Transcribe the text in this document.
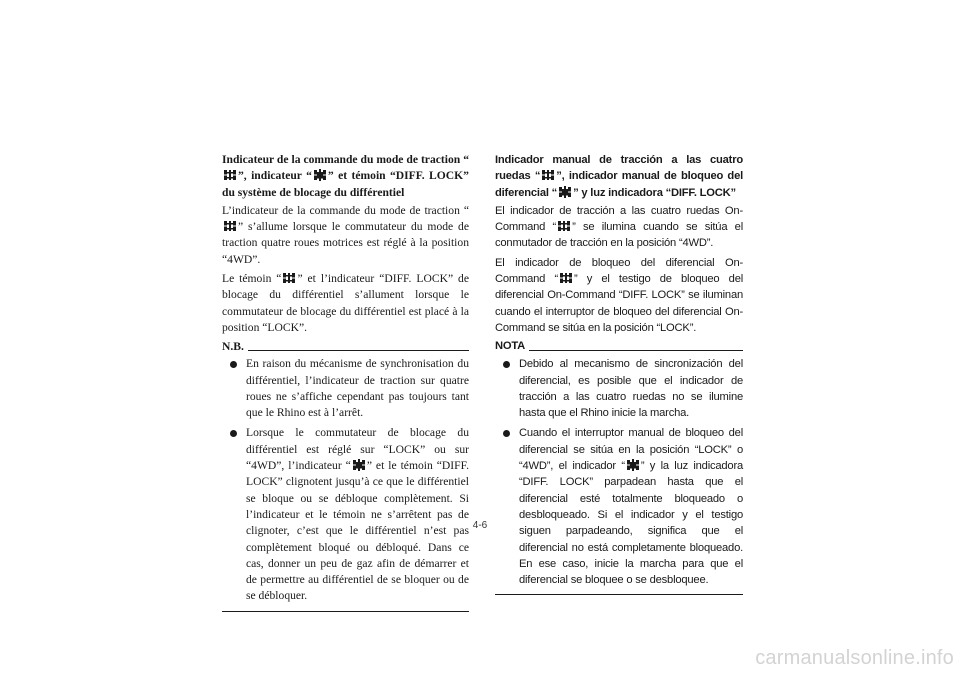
Indicateur de la commande du mode de traction “
”, indicateur “ ” et témoin “DIFF. LOCK” du système de blocage du différentiel

L’indicateur de la commande du mode de traction “
” s’allume lorsque le commutateur du mode de traction quatre roues motrices est réglé à la position “4WD”.

Le témoin “ ” et l’indicateur “DIFF. LOCK” de blocage du différentiel s’allument lorsque le commutateur de blocage du différentiel est placé à la position “LOCK”.

N.B.
En raison du mécanisme de synchronisation du différentiel, l’indicateur de traction sur quatre roues ne s’affiche cependant pas toujours tant que le Rhino est à l’arrêt.
Lorsque le commutateur de blocage du différentiel est réglé sur “LOCK” ou sur “4WD”, l’indicateur “ ” et le témoin “DIFF. LOCK” clignotent jusqu’à ce que le différentiel se bloque ou se débloque complètement. Si l’indicateur et le témoin ne s’arrêtent pas de clignoter, c’est que le différentiel n’est pas complètement bloqué ou débloqué. Dans ce cas, donner un peu de gaz afin de démarrer et de permettre au différentiel de se bloquer ou de se débloquer.

Indicador manual de tracción a las cuatro ruedas “ ”, indicador manual de bloqueo del diferencial “ ” y luz indicadora “DIFF. LOCK”

El indicador de tracción a las cuatro ruedas On-Command “ ” se ilumina cuando se sitúa el conmutador de tracción en la posición “4WD”.

El indicador de bloqueo del diferencial On-Command “ ” y el testigo de bloqueo del diferencial On-Command “DIFF. LOCK” se iluminan cuando el interruptor de bloqueo del diferencial On-Command se sitúa en la posición “LOCK”.

NOTA
Debido al mecanismo de sincronización del diferencial, es posible que el indicador de tracción a las cuatro ruedas no se ilumine hasta que el Rhino inicie la marcha.
Cuando el interruptor manual de bloqueo del diferencial se sitúa en la posición “LOCK” o “4WD”, el indicador “ ” y la luz indicadora “DIFF. LOCK” parpadean hasta que el diferencial esté totalmente bloqueado o desbloqueado. Si el indicador y el testigo siguen parpadeando, significa que el diferencial no está completamente bloqueado. En ese caso, inicie la marcha para que el diferencial se bloquee o se desbloquee.
4-6
carmanualsonline.info
